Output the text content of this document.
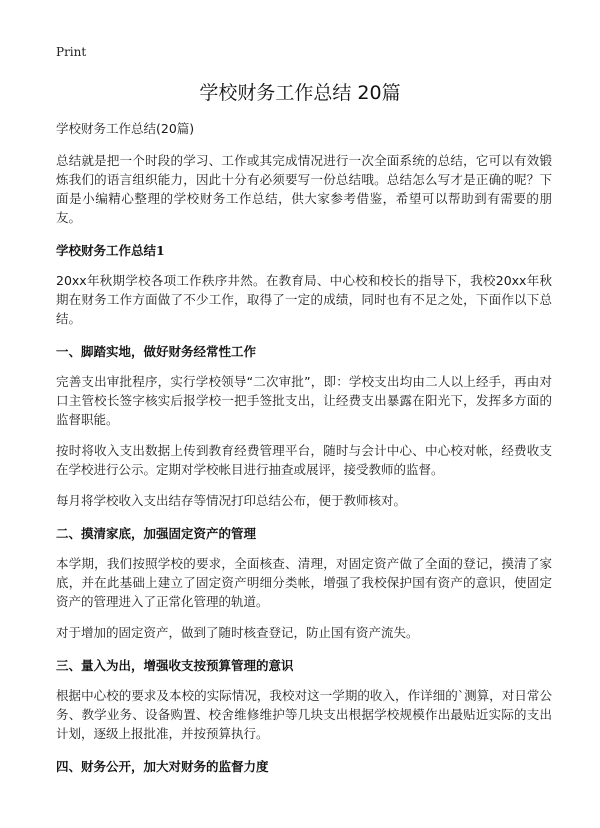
Print
学校财务工作总结 20篇
学校财务工作总结(20篇)

总结就是把一个时段的学习、工作或其完成情况进行一次全面系统的总结，它可以有效锻炼我们的语言组织能力，因此十分有必须要写一份总结哦。总结怎么写才是正确的呢？下面是小编精心整理的学校财务工作总结，供大家参考借鉴，希望可以帮助到有需要的朋友。

学校财务工作总结1

20xx年秋期学校各项工作秩序井然。在教育局、中心校和校长的指导下，我校20xx年秋期在财务工作方面做了不少工作，取得了一定的成绩，同时也有不足之处，下面作以下总结。

一、脚踏实地，做好财务经常性工作

完善支出审批程序，实行学校领导“二次审批”，即：学校支出均由二人以上经手，再由对口主管校长签字核实后报学校一把手签批支出，让经费支出暴露在阳光下，发挥多方面的监督职能。

按时将收入支出数据上传到教育经费管理平台，随时与会计中心、中心校对帐，经费收支在学校进行公示。定期对学校帐目进行抽查或展评，接受教师的监督。

每月将学校收入支出结存等情况打印总结公布，便于教师核对。

二、摸清家底，加强固定资产的管理

本学期，我们按照学校的要求，全面核查、清理，对固定资产做了全面的登记，摸清了家底，并在此基础上建立了固定资产明细分类帐，增强了我校保护国有资产的意识，使固定资产的管理进入了正常化管理的轨道。

对于增加的固定资产，做到了随时核查登记，防止国有资产流失。

三、量入为出，增强收支按预算管理的意识

根据中心校的要求及本校的实际情况，我校对这一学期的收入，作详细的`测算，对日常公务、教学业务、设备购置、校舍维修维护等几块支出根据学校规模作出最贴近实际的支出计划，逐级上报批准，并按预算执行。

四、财务公开，加大对财务的监督力度
